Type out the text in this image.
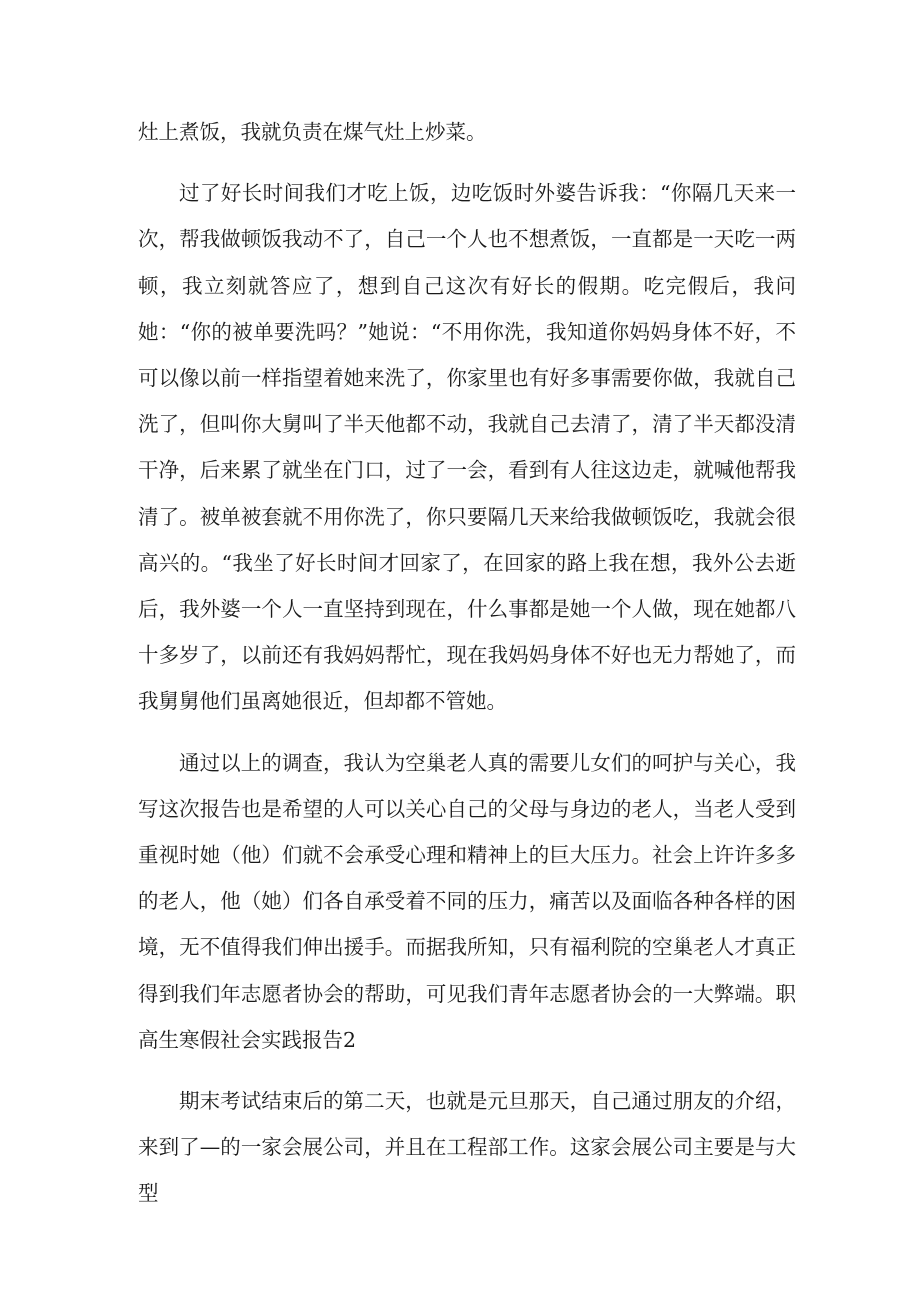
灶上煮饭，我就负责在煤气灶上炒菜。

过了好长时间我们才吃上饭，边吃饭时外婆告诉我：“你隔几天来一次，帮我做顿饭我动不了，自己一个人也不想煮饭，一直都是一天吃一两顿，我立刻就答应了，想到自己这次有好长的假期。吃完假后，我问她：“你的被单要洗吗？”她说：“不用你洗，我知道你妈妈身体不好，不可以像以前一样指望着她来洗了，你家里也有好多事需要你做，我就自己洗了，但叫你大舅叫了半天他都不动，我就自己去清了，清了半天都没清干净，后来累了就坐在门口，过了一会，看到有人往这边走，就喊他帮我清了。被单被套就不用你洗了，你只要隔几天来给我做顿饭吃，我就会很高兴的。“我坐了好长时间才回家了，在回家的路上我在想，我外公去逝后，我外婆一个人一直坚持到现在，什么事都是她一个人做，现在她都八十多岁了，以前还有我妈妈帮忙，现在我妈妈身体不好也无力帮她了，而我舅舅他们虽离她很近，但却都不管她。

通过以上的调查，我认为空巢老人真的需要儿女们的呵护与关心，我写这次报告也是希望的人可以关心自己的父母与身边的老人，当老人受到重视时她（他）们就不会承受心理和精神上的巨大压力。社会上许许多多的老人，他（她）们各自承受着不同的压力，痛苦以及面临各种各样的困境，无不值得我们伸出援手。而据我所知，只有福利院的空巢老人才真正得到我们年志愿者协会的帮助，可见我们青年志愿者协会的一大弊端。职高生寒假社会实践报告2

期末考试结束后的第二天，也就是元旦那天，自己通过朋友的介绍，来到了—的一家会展公司，并且在工程部工作。这家会展公司主要是与大型
